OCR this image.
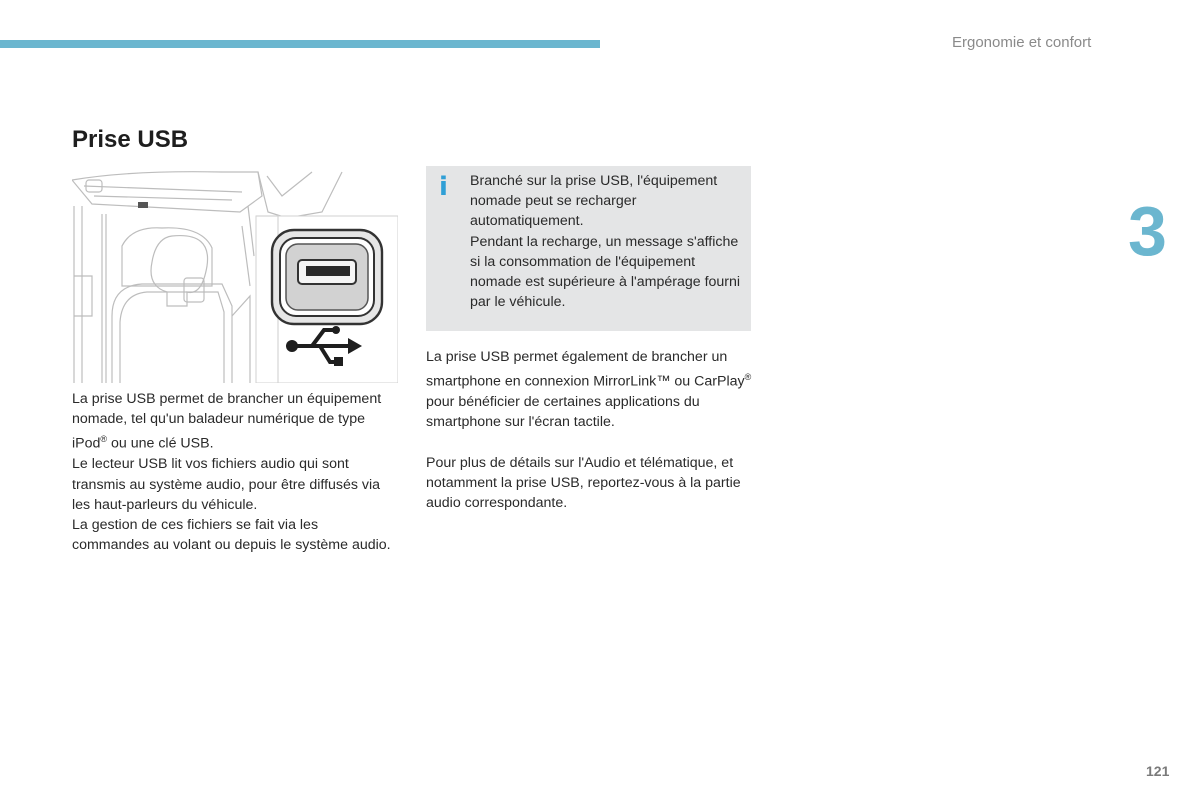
Ergonomie et confort
3
Prise USB

La prise USB permet de brancher un équipement nomade, tel qu'un baladeur numérique de type iPod® ou une clé USB.

Le lecteur USB lit vos fichiers audio qui sont transmis au système audio, pour être diffusés via les haut-parleurs du véhicule.

La gestion de ces fichiers se fait via les commandes au volant ou depuis le système audio.

i Branché sur la prise USB, l'équipement nomade peut se recharger automatiquement.

Pendant la recharge, un message s'affiche si la consommation de l'équipement nomade est supérieure à l'ampérage fourni par le véhicule.

La prise USB permet également de brancher un smartphone en connexion MirrorLink™ ou CarPlay® pour bénéficier de certaines applications du smartphone sur l'écran tactile.

Pour plus de détails sur l'Audio et télématique, et notamment la prise USB, reportez-vous à la partie audio correspondante.

121
